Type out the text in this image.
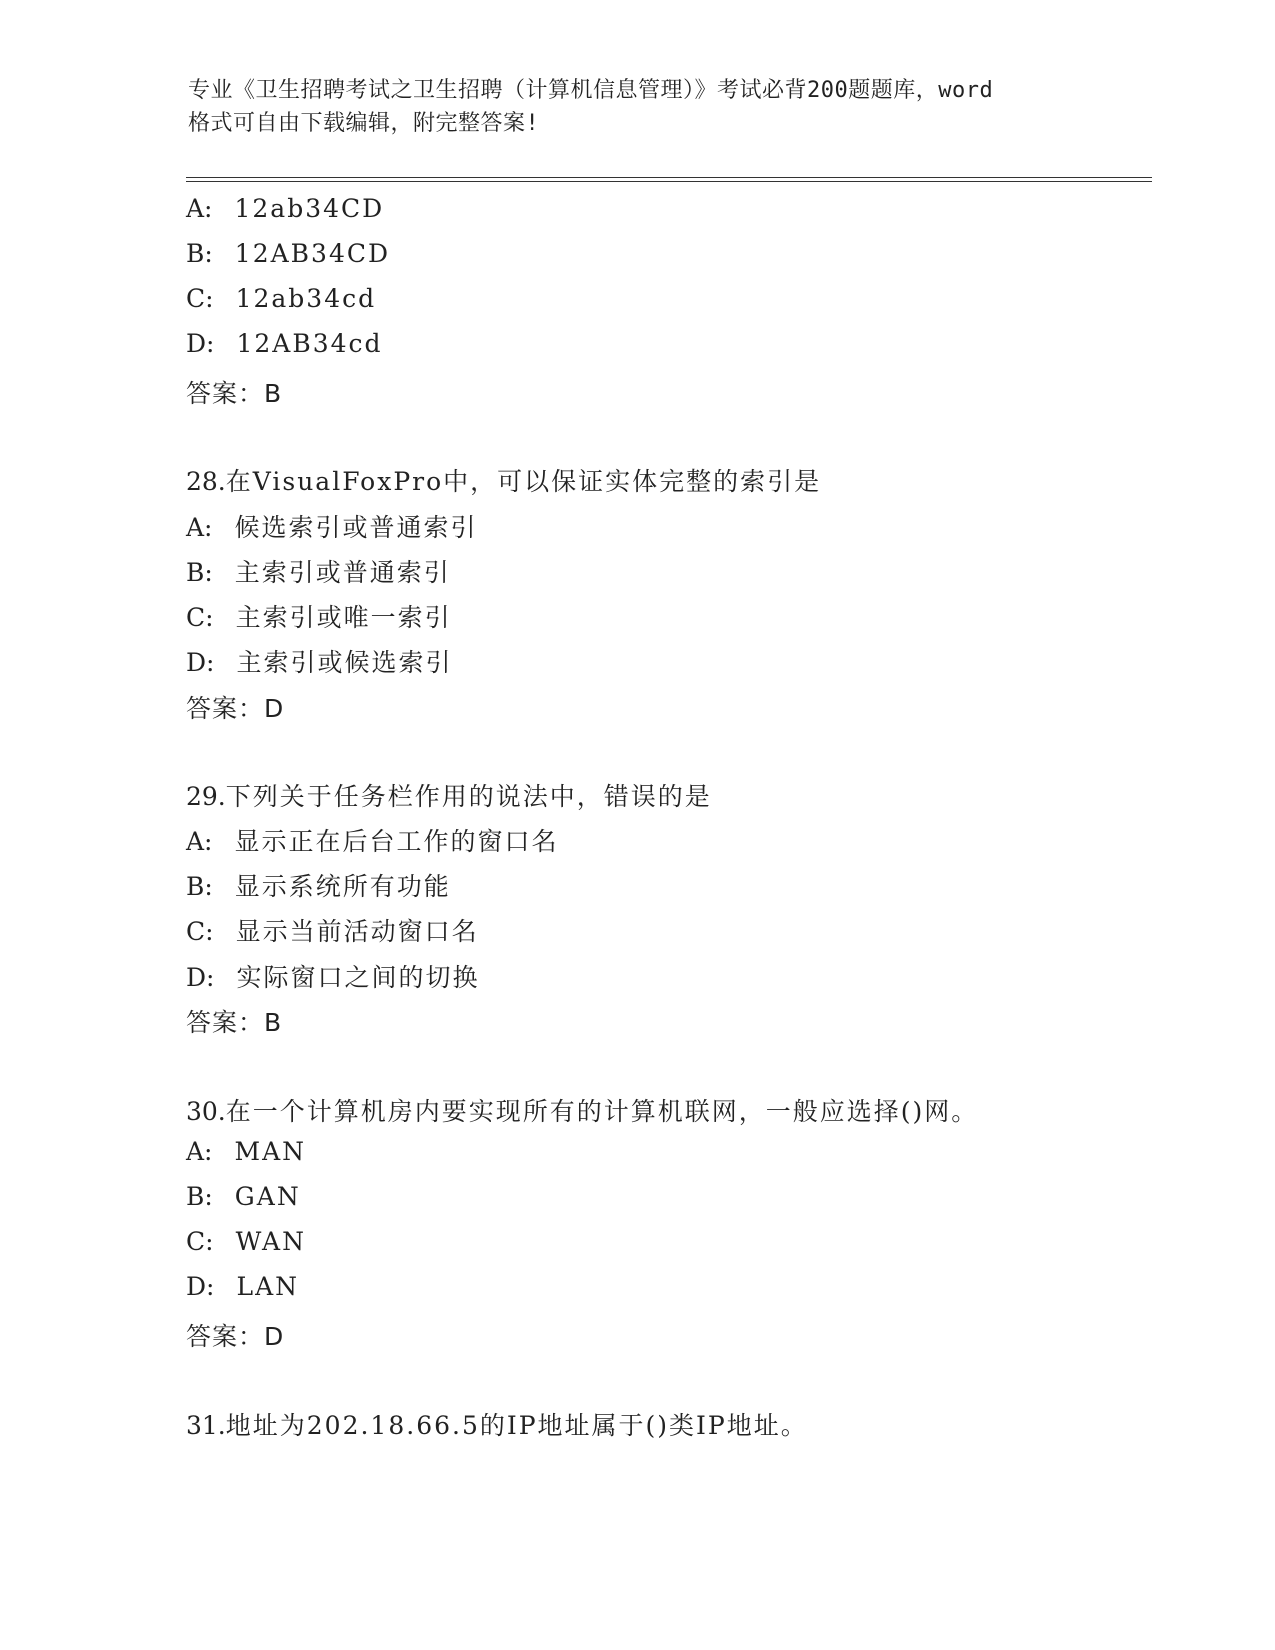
专业《卫生招聘考试之卫生招聘（计算机信息管理）》考试必背200题题库，word
格式可自由下载编辑，附完整答案!
A: 12ab34CD
B: 12AB34CD
C: 12ab34cd
D: 12AB34cd
答案：B
28.在VisualFoxPro中，可以保证实体完整的索引是
A: 候选索引或普通索引
B: 主索引或普通索引
C: 主索引或唯一索引
D: 主索引或候选索引
答案：D
29.下列关于任务栏作用的说法中，错误的是
A: 显示正在后台工作的窗口名
B: 显示系统所有功能
C: 显示当前活动窗口名
D: 实际窗口之间的切换
答案：B
30.在一个计算机房内要实现所有的计算机联网，一般应选择()网。
A: MAN
B: GAN
C: WAN
D: LAN
答案：D
31.地址为202.18.66.5的IP地址属于()类IP地址。
